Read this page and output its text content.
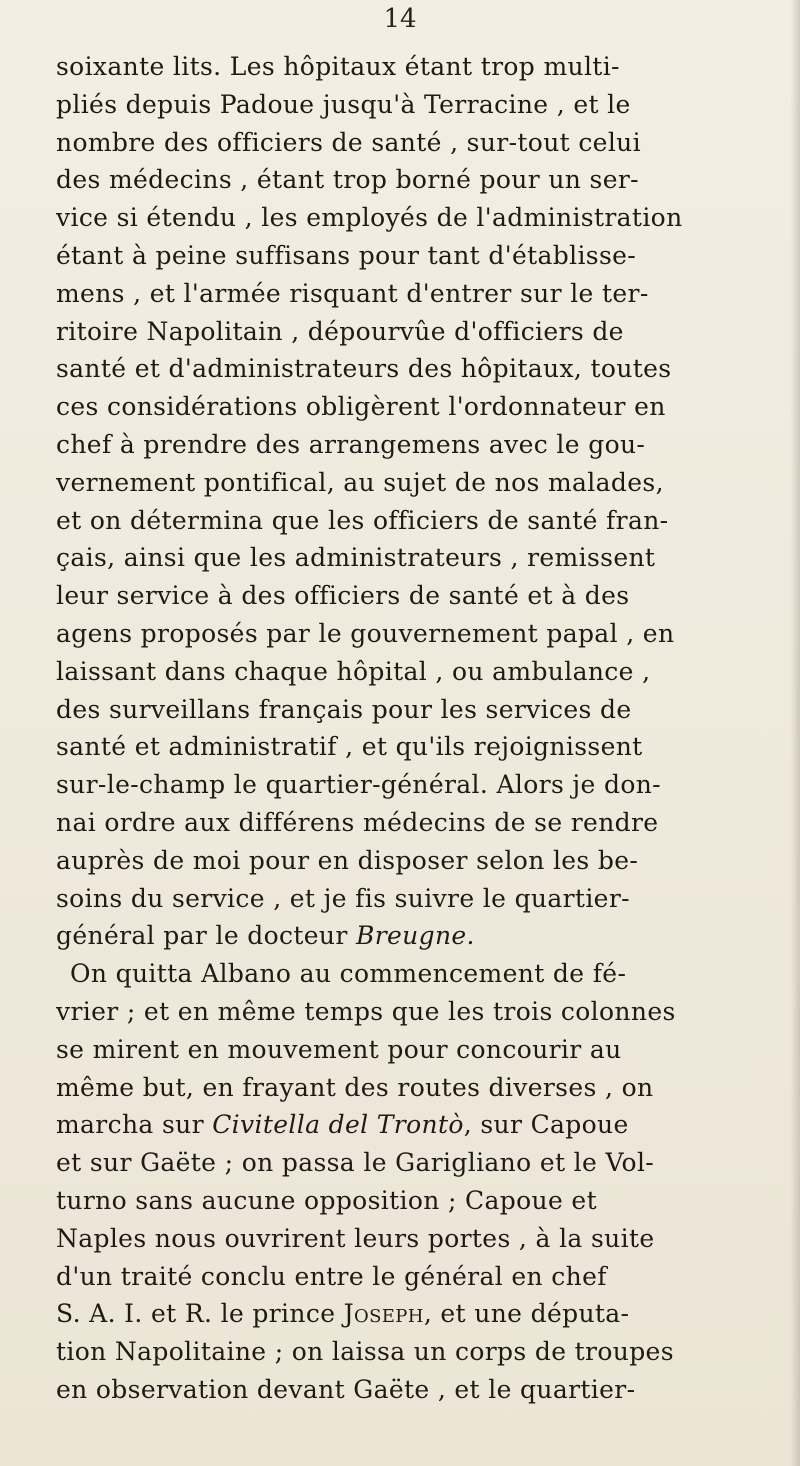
14

soixante lits. Les hôpitaux étant trop multi-
pliés depuis Padoue jusqu'à Terracine , et le
nombre des officiers de santé , sur-tout celui
des médecins , étant trop borné pour un ser-
vice si étendu , les employés de l'administration
étant à peine suffisans pour tant d'établisse-
mens , et l'armée risquant d'entrer sur le ter-
ritoire Napolitain , dépourvûe d'officiers de
santé et d'administrateurs des hôpitaux, toutes
ces considérations obligèrent l'ordonnateur en
chef à prendre des arrangemens avec le gou-
vernement pontifical, au sujet de nos malades,
et on détermina que les officiers de santé fran-
çais, ainsi que les administrateurs , remissent
leur service à des officiers de santé et à des
agens proposés par le gouvernement papal , en
laissant dans chaque hôpital , ou ambulance ,
des surveillans français pour les services de
santé et administratif , et qu'ils rejoignissent
sur-le-champ le quartier-général. Alors je don-
nai ordre aux différens médecins de se rendre
auprès de moi pour en disposer selon les be-
soins du service , et je fis suivre le quartier-
général par le docteur Breugne.
On quitta Albano au commencement de fé-
vrier ; et en même temps que les trois colonnes
se mirent en mouvement pour concourir au
même but, en frayant des routes diverses , on
marcha sur Civitella del Trontò, sur Capoue
et sur Gaëte ; on passa le Garigliano et le Vol-
turno sans aucune opposition ; Capoue et
Naples nous ouvrirent leurs portes , à la suite
d'un traité conclu entre le général en chef
S. A. I. et R. le prince Joseph, et une députa-
tion Napolitaine ; on laissa un corps de troupes
en observation devant Gaëte , et le quartier-
